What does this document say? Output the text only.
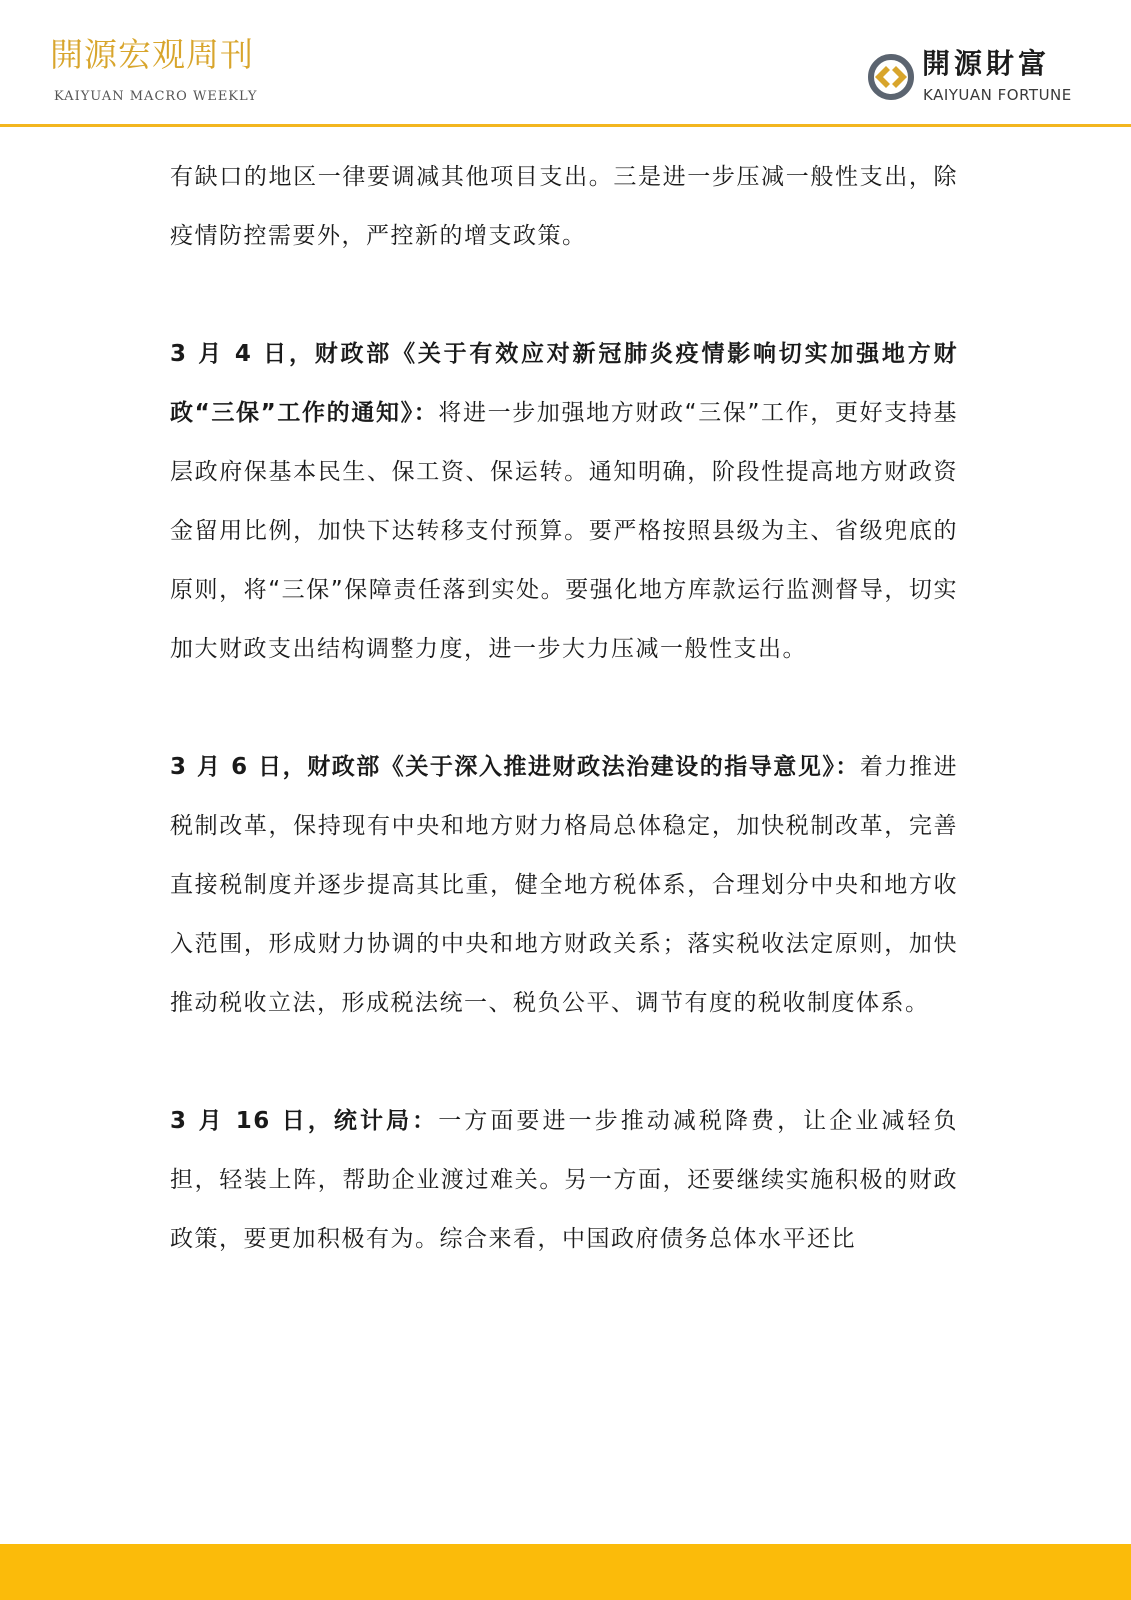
開源宏观周刊
KAIYUAN MACRO WEEKLY
開源財富
KAIYUAN FORTUNE

有缺口的地区一律要调减其他项目支出。三是进一步压减一般性支出，除疫情防控需要外，严控新的增支政策。

3 月 4 日，财政部《关于有效应对新冠肺炎疫情影响切实加强地方财政“三保”工作的通知》：将进一步加强地方财政“三保”工作，更好支持基层政府保基本民生、保工资、保运转。通知明确，阶段性提高地方财政资金留用比例，加快下达转移支付预算。要严格按照县级为主、省级兜底的原则，将“三保”保障责任落到实处。要强化地方库款运行监测督导，切实加大财政支出结构调整力度，进一步大力压减一般性支出。

3 月 6 日，财政部《关于深入推进财政法治建设的指导意见》：着力推进税制改革，保持现有中央和地方财力格局总体稳定，加快税制改革，完善直接税制度并逐步提高其比重，健全地方税体系，合理划分中央和地方收入范围，形成财力协调的中央和地方财政关系；落实税收法定原则，加快推动税收立法，形成税法统一、税负公平、调节有度的税收制度体系。

3 月 16 日，统计局：一方面要进一步推动减税降费，让企业减轻负担，轻装上阵，帮助企业渡过难关。另一方面，还要继续实施积极的财政政策，要更加积极有为。综合来看，中国政府债务总体水平还比
